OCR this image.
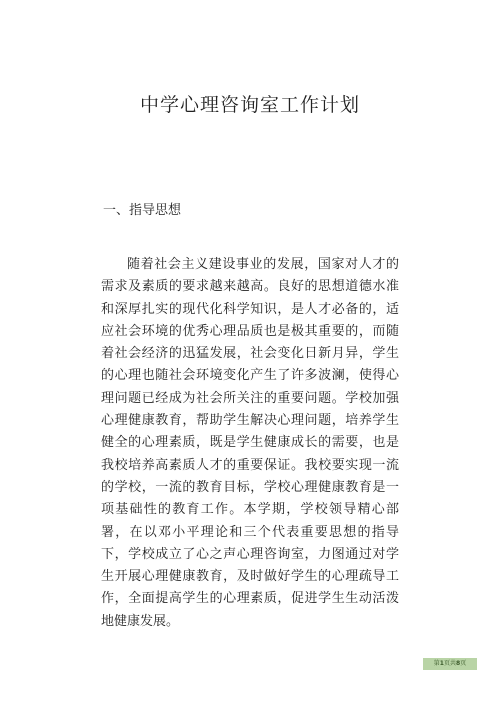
中学心理咨询室工作计划
一、指导思想

随着社会主义建设事业的发展，国家对人才的需求及素质的要求越来越高。良好的思想道德水准和深厚扎实的现代化科学知识，是人才必备的，适应社会环境的优秀心理品质也是极其重要的，而随着社会经济的迅猛发展，社会变化日新月异，学生的心理也随社会环境变化产生了许多波澜，使得心理问题已经成为社会所关注的重要问题。学校加强心理健康教育，帮助学生解决心理问题，培养学生健全的心理素质，既是学生健康成长的需要，也是我校培养高素质人才的重要保证。我校要实现一流的学校，一流的教育目标，学校心理健康教育是一项基础性的教育工作。本学期，学校领导精心部署，在以邓小平理论和三个代表重要思想的指导下，学校成立了心之声心理咨询室，力图通过对学生开展心理健康教育，及时做好学生的心理疏导工作，全面提高学生的心理素质，促进学生生动活泼地健康发展。

第1页共8页
